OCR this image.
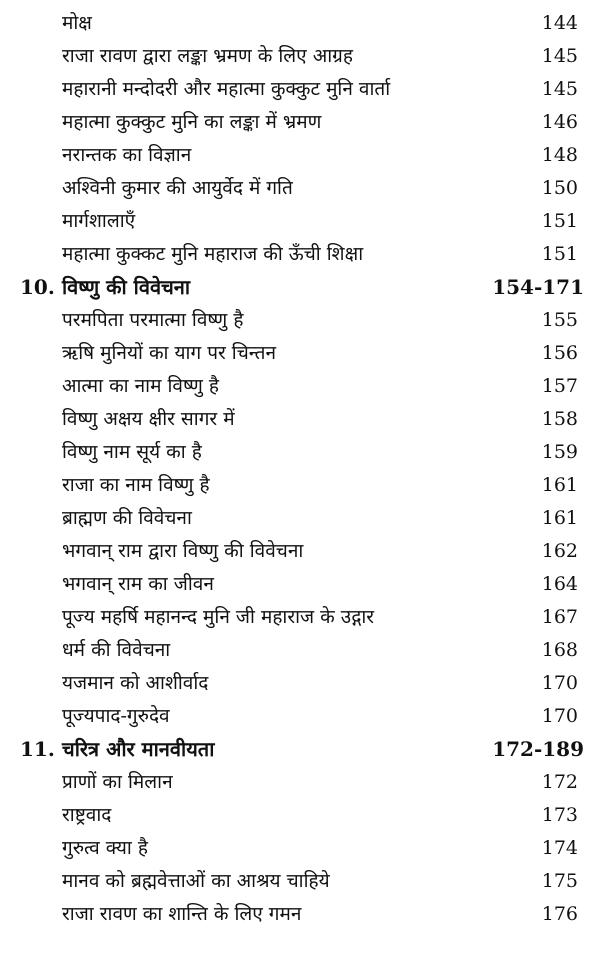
मोक्ष	144
राजा रावण द्वारा लङ्का भ्रमण के लिए आग्रह	145
महारानी मन्दोदरी और महात्मा कुक्कुट मुनि वार्ता	145
महात्मा कुक्कुट मुनि का लङ्का में भ्रमण	146
नरान्तक का विज्ञान	148
अश्विनी कुमार की आयुर्वेद में गति	150
मार्गशालाएँ	151
महात्मा कुक्कट मुनि महाराज की ऊँची शिक्षा	151
10. विष्णु की विवेचना	154-171
परमपिता परमात्मा विष्णु है	155
ऋषि मुनियों का याग पर चिन्तन	156
आत्मा का नाम विष्णु है	157
विष्णु अक्षय क्षीर सागर में	158
विष्णु नाम सूर्य का है	159
राजा का नाम विष्णु है	161
ब्राह्मण की विवेचना	161
भगवान् राम द्वारा विष्णु की विवेचना	162
भगवान् राम का जीवन	164
पूज्य महर्षि महानन्द मुनि जी महाराज के उद्गार	167
धर्म की विवेचना	168
यजमान को आशीर्वाद	170
पूज्यपाद-गुरुदेव	170
11. चरित्र और मानवीयता	172-189
प्राणों का मिलान	172
राष्ट्रवाद	173
गुरुत्व क्या है	174
मानव को ब्रह्मवेत्ताओं का आश्रय चाहिये	175
राजा रावण का शान्ति के लिए गमन	176
